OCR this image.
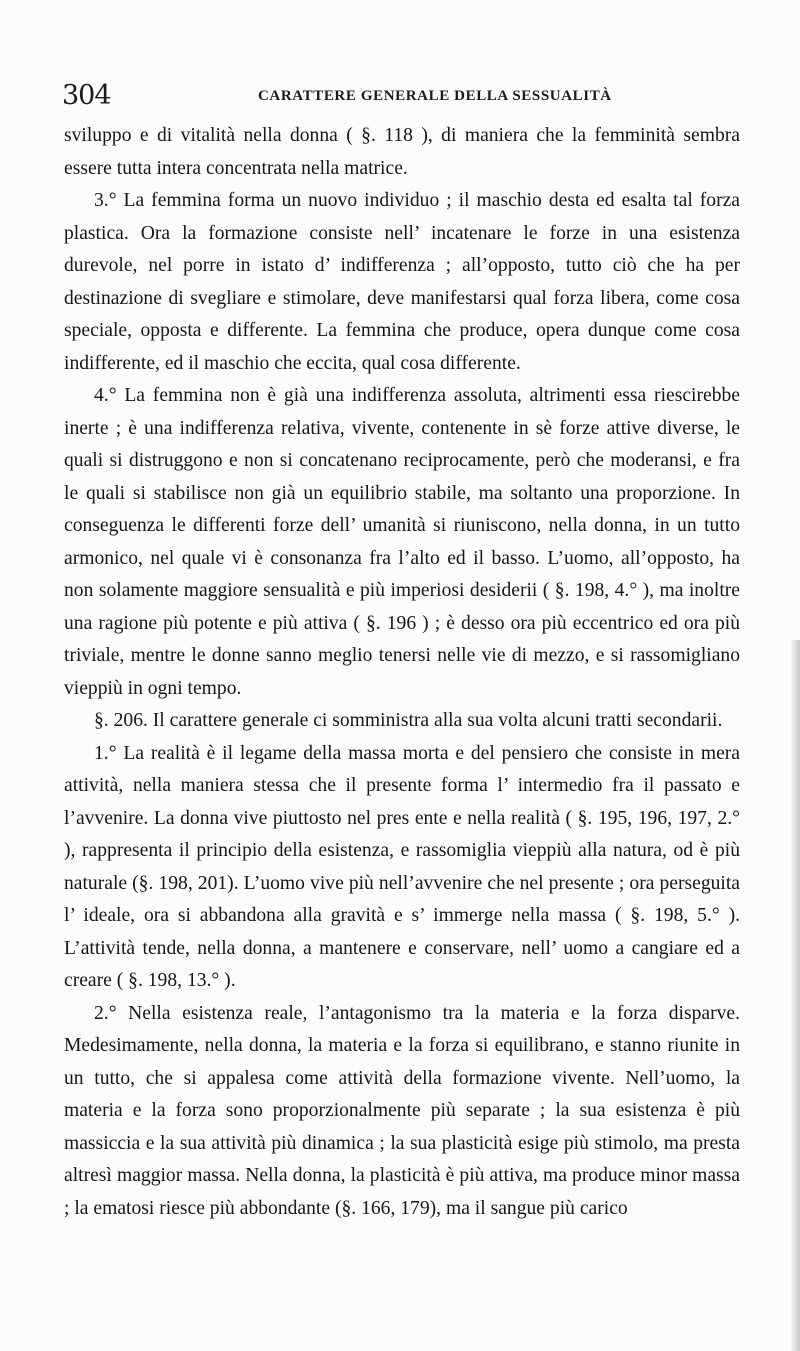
304	CARATTERE GENERALE DELLA SESSUALITÀ

sviluppo e di vitalità nella donna ( §. 118 ), di maniera che la femminità sembra essere tutta intera concentrata nella matrice.

3.° La femmina forma un nuovo individuo ; il maschio desta ed esalta tal forza plastica. Ora la formazione consiste nell’ incatenare le forze in una esistenza durevole, nel porre in istato d’ indifferenza ; all’opposto, tutto ciò che ha per destinazione di svegliare e stimolare, deve manifestarsi qual forza libera, come cosa speciale, opposta e differente. La femmina che produce, opera dunque come cosa indifferente, ed il maschio che eccita, qual cosa differente.

4.° La femmina non è già una indifferenza assoluta, altrimenti essa riescirebbe inerte ; è una indifferenza relativa, vivente, contenente in sè forze attive diverse, le quali si distruggono e non si concatenano reciprocamente, però che moderansi, e fra le quali si stabilisce non già un equilibrio stabile, ma soltanto una proporzione. In conseguenza le differenti forze dell’ umanità si riuniscono, nella donna, in un tutto armonico, nel quale vi è consonanza fra l’alto ed il basso. L’uomo, all’opposto, ha non solamente maggiore sensualità e più imperiosi desiderii ( §. 198, 4.° ), ma inoltre una ragione più potente e più attiva ( §. 196 ) ; è desso ora più eccentrico ed ora più triviale, mentre le donne sanno meglio tenersi nelle vie di mezzo, e si rassomigliano vieppiù in ogni tempo.

§. 206. Il carattere generale ci somministra alla sua volta alcuni tratti secondarii.

1.° La realità è il legame della massa morta e del pensiero che consiste in mera attività, nella maniera stessa che il presente forma l’ intermedio fra il passato e l’avvenire. La donna vive piuttosto nel pres ente e nella realità ( §. 195, 196, 197, 2.° ), rappresenta il principio della esistenza, e rassomiglia vieppiù alla natura, od è più naturale (§. 198, 201). L’uomo vive più nell’avvenire che nel presente ; ora perseguita l’ ideale, ora si abbandona alla gravità e s’ immerge nella massa ( §. 198, 5.° ). L’attività tende, nella donna, a mantenere e conservare, nell’ uomo a cangiare ed a creare ( §. 198, 13.° ).

2.° Nella esistenza reale, l’antagonismo tra la materia e la forza disparve. Medesimamente, nella donna, la materia e la forza si equilibrano, e stanno riunite in un tutto, che si appalesa come attività della formazione vivente. Nell’uomo, la materia e la forza sono proporzionalmente più separate ; la sua esistenza è più massiccia e la sua attività più dinamica ; la sua plasticità esige più stimolo, ma presta altresì maggior massa. Nella donna, la plasticità è più attiva, ma produce minor massa ; la ematosi riesce più abbondante (§. 166, 179), ma il sangue più carico
